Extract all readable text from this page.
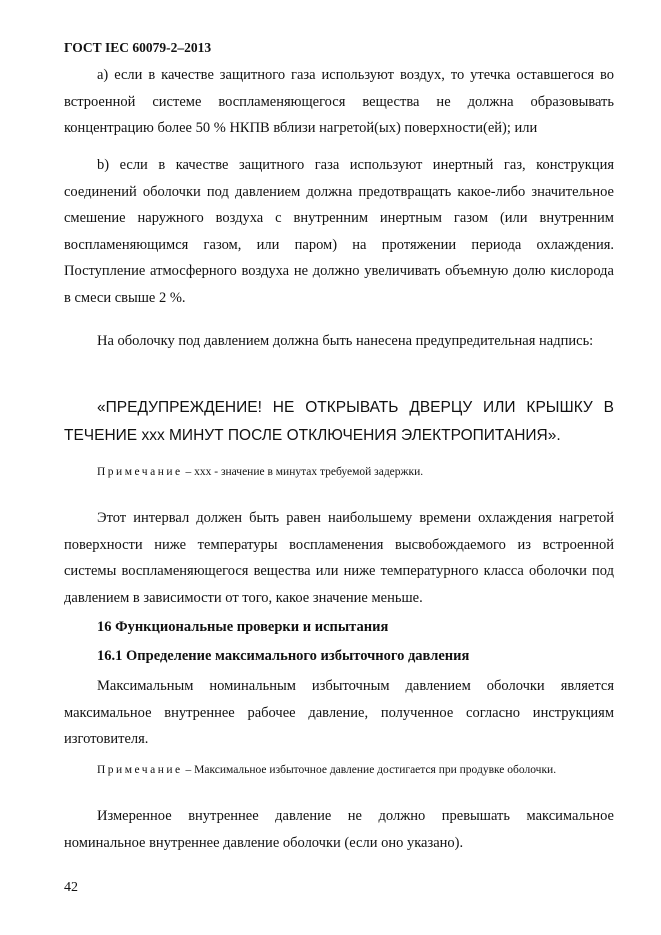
ГОСТ IEC 60079-2–2013

а) если в качестве защитного газа используют воздух, то утечка оставшегося во встроенной системе воспламеняющегося вещества не должна образовывать концентрацию более 50 % НКПВ вблизи нагретой(ых) поверхности(ей); или

b) если в качестве защитного газа используют инертный газ, конструкция соединений оболочки под давлением должна предотвращать какое-либо значительное смешение наружного воздуха с внутренним инертным газом (или внутренним воспламеняющимся газом, или паром) на протяжении периода охлаждения. Поступление атмосферного воздуха не должно увеличивать объемную долю кислорода в смеси свыше 2 %.

На оболочку под давлением должна быть нанесена предупредительная надпись:

«ПРЕДУПРЕЖДЕНИЕ! НЕ ОТКРЫВАТЬ ДВЕРЦУ ИЛИ КРЫШКУ В ТЕЧЕНИЕ xxx МИНУТ ПОСЛЕ ОТКЛЮЧЕНИЯ ЭЛЕКТРОПИТАНИЯ».

Примечание – ххх - значение в минутах требуемой задержки.

Этот интервал должен быть равен наибольшему времени охлаждения нагретой поверхности ниже температуры воспламенения высвобождаемого из встроенной системы воспламеняющегося вещества или ниже температурного класса оболочки под давлением в зависимости от того, какое значение меньше.

16 Функциональные проверки и испытания
16.1 Определение максимального избыточного давления

Максимальным номинальным избыточным давлением оболочки является максимальное внутреннее рабочее давление, полученное согласно инструкциям изготовителя.

Примечание – Максимальное избыточное давление достигается при продувке оболочки.

Измеренное внутреннее давление не должно превышать максимальное номинальное внутреннее давление оболочки (если оно указано).

42
